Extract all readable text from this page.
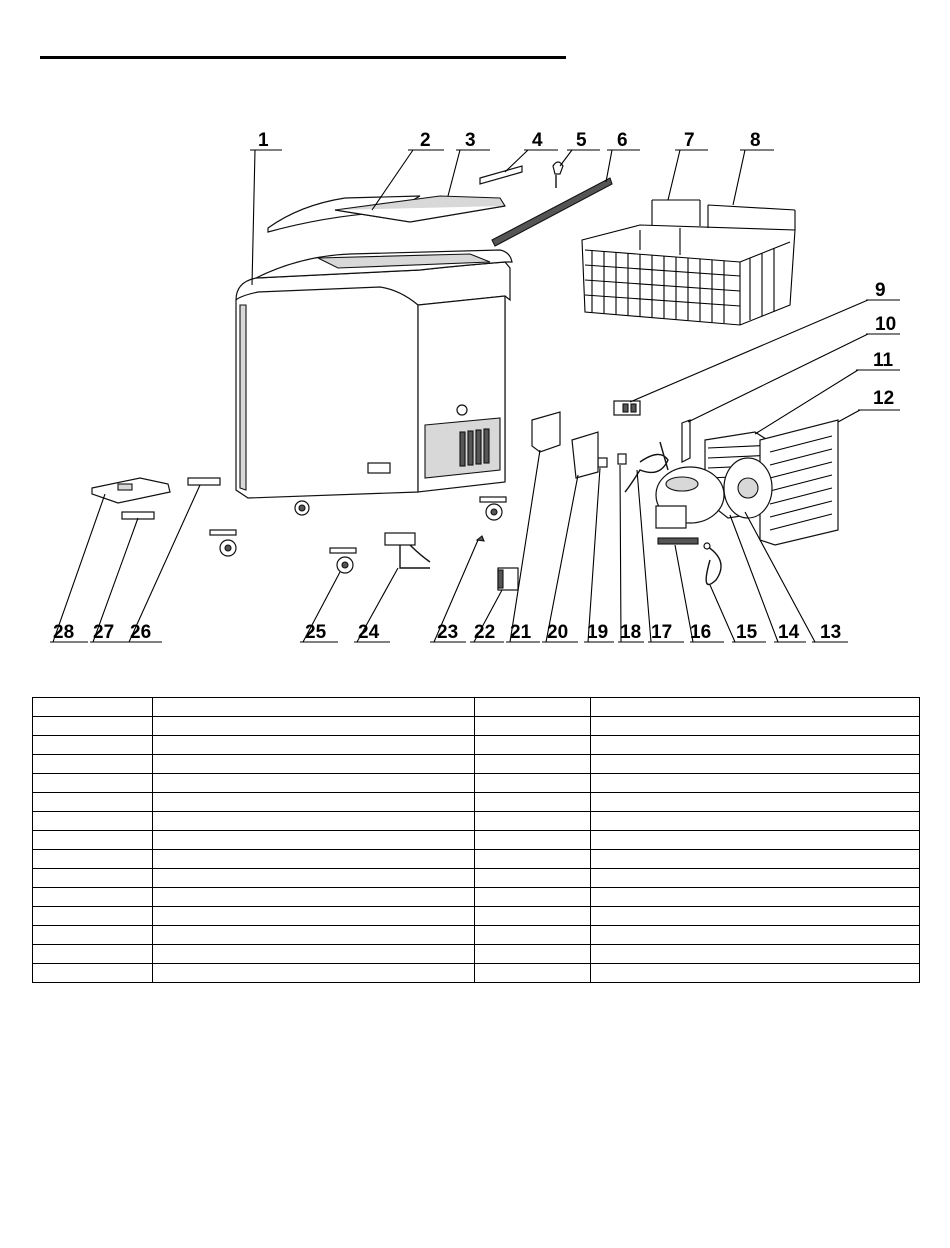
1	2 3	4 5 6	7	8
9
10
11
12
13
14
15
16
17
18
19
20
21
22
23
24
25
26
27
28
